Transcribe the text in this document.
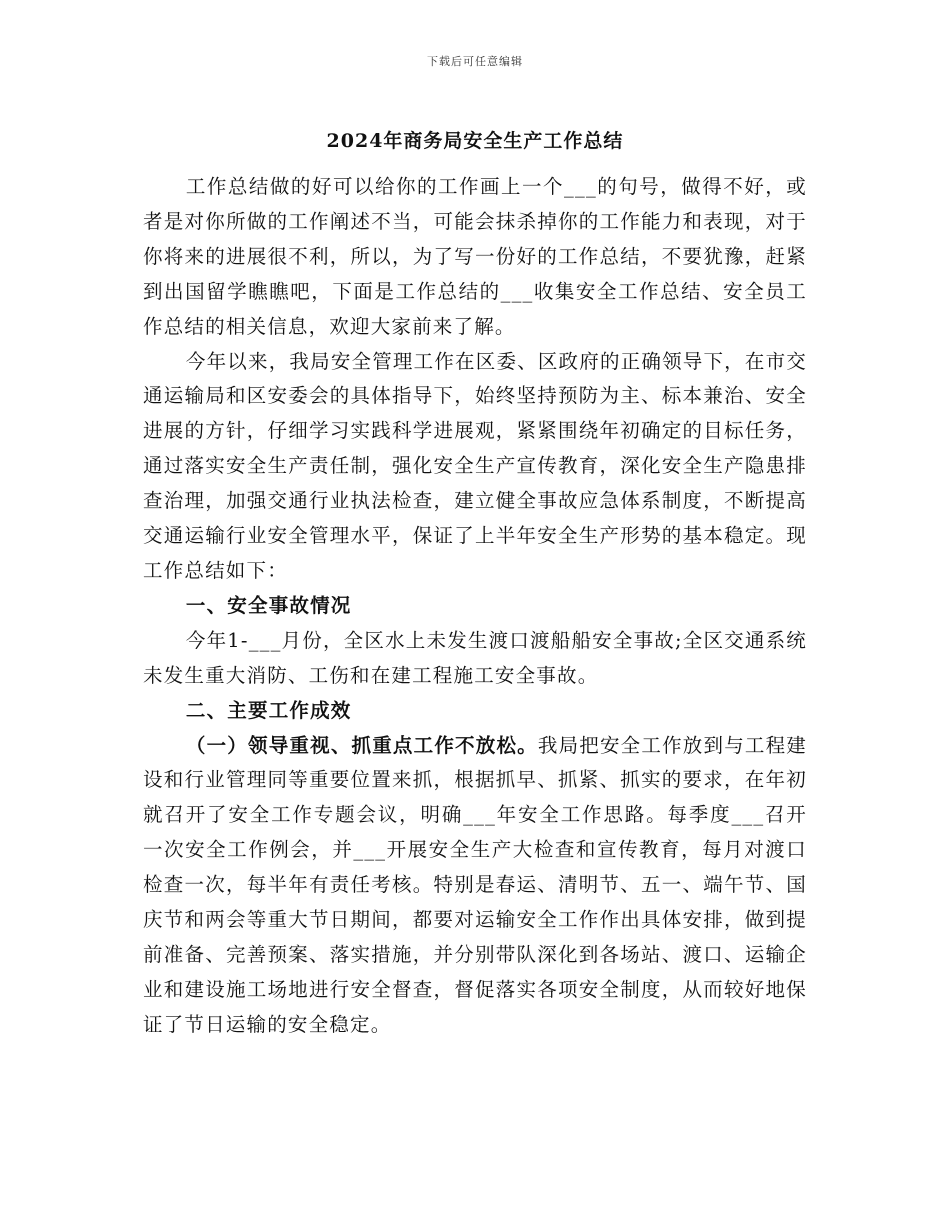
下载后可任意编辑
2024年商务局安全生产工作总结

工作总结做的好可以给你的工作画上一个___的句号，做得不好，或者是对你所做的工作阐述不当，可能会抹杀掉你的工作能力和表现，对于你将来的进展很不利，所以，为了写一份好的工作总结，不要犹豫，赶紧到出国留学瞧瞧吧，下面是工作总结的___收集安全工作总结、安全员工作总结的相关信息，欢迎大家前来了解。

今年以来，我局安全管理工作在区委、区政府的正确领导下，在市交通运输局和区安委会的具体指导下，始终坚持预防为主、标本兼治、安全进展的方针，仔细学习实践科学进展观，紧紧围绕年初确定的目标任务，通过落实安全生产责任制，强化安全生产宣传教育，深化安全生产隐患排查治理，加强交通行业执法检查，建立健全事故应急体系制度，不断提高交通运输行业安全管理水平，保证了上半年安全生产形势的基本稳定。现工作总结如下：

一、安全事故情况

今年1-___月份，全区水上未发生渡口渡船船安全事故;全区交通系统未发生重大消防、工伤和在建工程施工安全事故。

二、主要工作成效

（一）领导重视、抓重点工作不放松。我局把安全工作放到与工程建设和行业管理同等重要位置来抓，根据抓早、抓紧、抓实的要求，在年初就召开了安全工作专题会议，明确___年安全工作思路。每季度___召开一次安全工作例会，并___开展安全生产大检查和宣传教育，每月对渡口检查一次，每半年有责任考核。特别是春运、清明节、五一、端午节、国庆节和两会等重大节日期间，都要对运输安全工作作出具体安排，做到提前准备、完善预案、落实措施，并分别带队深化到各场站、渡口、运输企业和建设施工场地进行安全督查，督促落实各项安全制度，从而较好地保证了节日运输的安全稳定。
